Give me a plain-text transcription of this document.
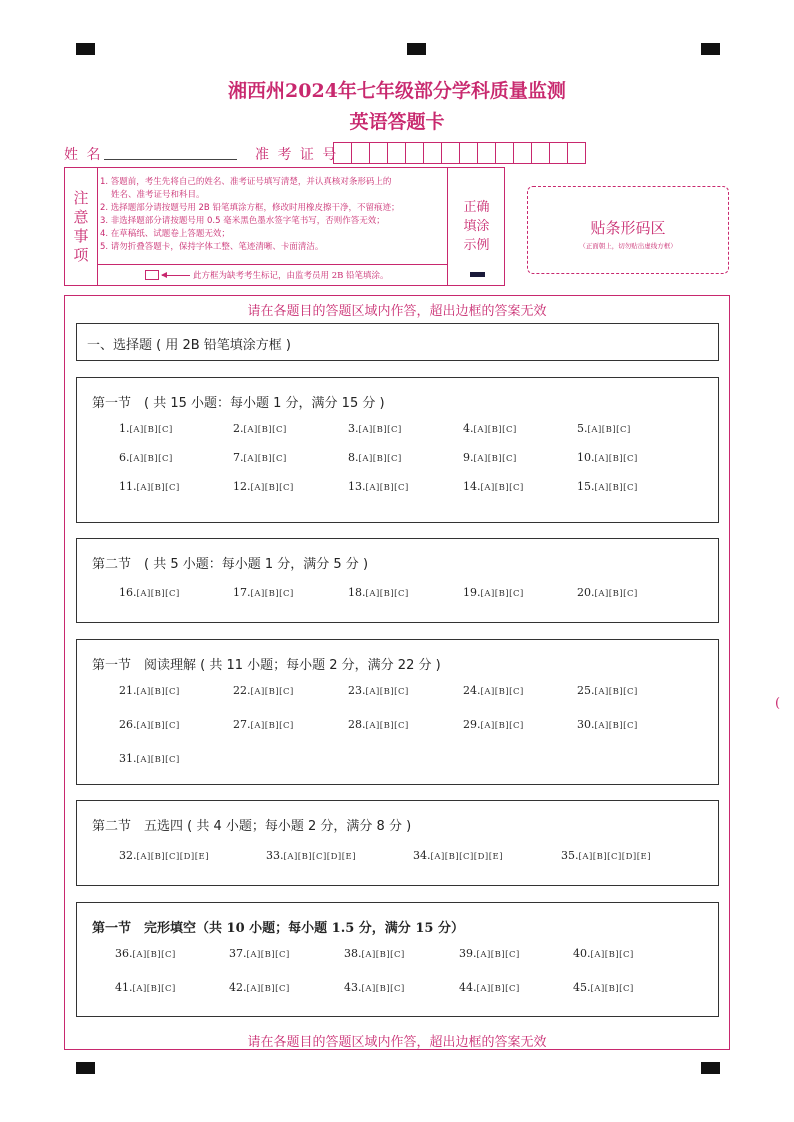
湘西州2024年七年级部分学科质量监测
英语答题卡
姓 名	准 考 证 号
注
意
事
项
1. 答题前，考生先将自己的姓名、准考证号填写清楚，并认真核对条形码上的
姓名、准考证号和科目。
2. 选择题部分请按题号用 2B 铅笔填涂方框，修改时用橡皮擦干净，不留痕迹；
3. 非选择题部分请按题号用 0.5 毫米黑色墨水签字笔书写，否则作答无效；
4. 在草稿纸、试题卷上答题无效；
5. 请勿折叠答题卡，保持字体工整、笔迹清晰、卡面清洁。
此方框为缺考考生标记，由监考员用 2B 铅笔填涂。
正确
填涂
示例
贴条形码区
（正面朝上，切勿贴出虚线方框）
请在各题目的答题区域内作答，超出边框的答案无效
一、选择题 ( 用 2B 铅笔填涂方框 )
第一节　( 共 15 小题：每小题 1 分，满分 15 分 )
1.[A][B][C]	2.[A][B][C]	3.[A][B][C]	4.[A][B][C]	5.[A][B][C]
6.[A][B][C]	7.[A][B][C]	8.[A][B][C]	9.[A][B][C]	10.[A][B][C]
11.[A][B][C]	12.[A][B][C]	13.[A][B][C]	14.[A][B][C]	15.[A][B][C]
第二节　( 共 5 小题：每小题 1 分，满分 5 分 )
16.[A][B][C]	17.[A][B][C]	18.[A][B][C]	19.[A][B][C]	20.[A][B][C]
第一节　阅读理解 ( 共 11 小题；每小题 2 分，满分 22 分 )
21.[A][B][C]	22.[A][B][C]	23.[A][B][C]	24.[A][B][C]	25.[A][B][C]
26.[A][B][C]	27.[A][B][C]	28.[A][B][C]	29.[A][B][C]	30.[A][B][C]
31.[A][B][C]
第二节　五选四 ( 共 4 小题；每小题 2 分，满分 8 分 )
32.[A][B][C][D][E]	33.[A][B][C][D][E]	34.[A][B][C][D][E]	35.[A][B][C][D][E]
第一节　完形填空（共 10 小题；每小题 1.5 分，满分 15 分）
36.[A][B][C]	37.[A][B][C]	38.[A][B][C]	39.[A][B][C]	40.[A][B][C]
41.[A][B][C]	42.[A][B][C]	43.[A][B][C]	44.[A][B][C]	45.[A][B][C]
请在各题目的答题区域内作答，超出边框的答案无效
(
